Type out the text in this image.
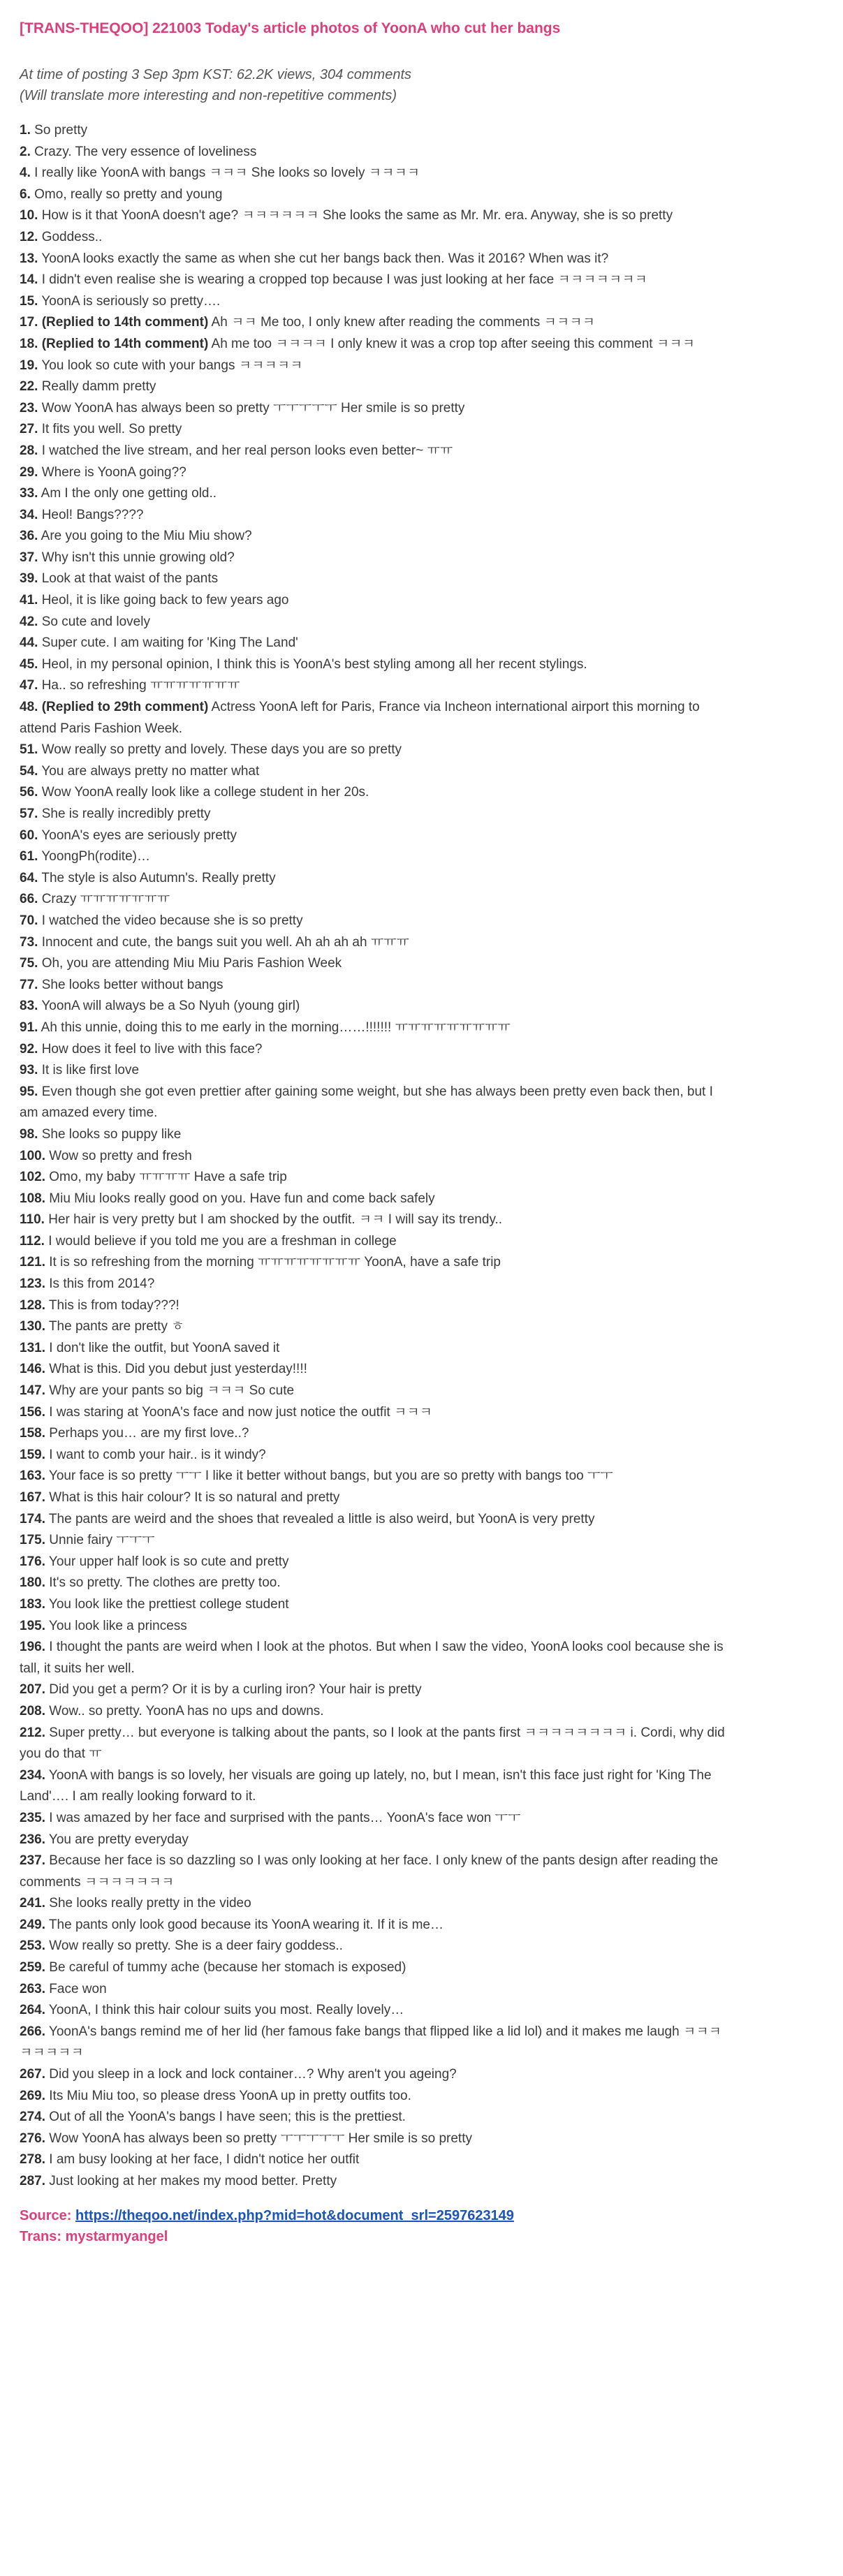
[TRANS-THEQOO] 221003 Today's article photos of YoonA who cut her bangs
At time of posting 3 Sep 3pm KST: 62.2K views, 304 comments
(Will translate more interesting and non-repetitive comments)
1. So pretty
2. Crazy. The very essence of loveliness
4. I really like YoonA with bangs ㅋㅋㅋ She looks so lovely ㅋㅋㅋㅋ
6. Omo, really so pretty and young
10. How is it that YoonA doesn't age? ㅋㅋㅋㅋㅋㅋ She looks the same as Mr. Mr. era. Anyway, she is so pretty
12. Goddess..
13. YoonA looks exactly the same as when she cut her bangs back then. Was it 2016? When was it?
14. I didn't even realise she is wearing a cropped top because I was just looking at her face ㅋㅋㅋㅋㅋㅋㅋ
15. YoonA is seriously so pretty….
17. (Replied to 14th comment) Ah ㅋㅋ Me too, I only knew after reading the comments ㅋㅋㅋㅋ
18. (Replied to 14th comment) Ah me too ㅋㅋㅋㅋ I only knew it was a crop top after seeing this comment ㅋㅋㅋ
19. You look so cute with your bangs ㅋㅋㅋㅋㅋ
22. Really damm pretty
23. Wow YoonA has always been so pretty ㅜㅜㅜㅜㅜ Her smile is so pretty
27. It fits you well. So pretty
28. I watched the live stream, and her real person looks even better~ ㅠㅠ
29. Where is YoonA going??
33. Am I the only one getting old..
34. Heol! Bangs????
36. Are you going to the Miu Miu show?
37. Why isn't this unnie growing old?
39. Look at that waist of the pants
41. Heol, it is like going back to few years ago
42. So cute and lovely
44. Super cute. I am waiting for 'King The Land'
45. Heol, in my personal opinion, I think this is YoonA's best styling among all her recent stylings.
47. Ha.. so refreshing ㅠㅠㅠㅠㅠㅠㅠ
48. (Replied to 29th comment) Actress YoonA left for Paris, France via Incheon international airport this morning to attend Paris Fashion Week.
51. Wow really so pretty and lovely. These days you are so pretty
54. You are always pretty no matter what
56. Wow YoonA really look like a college student in her 20s.
57. She is really incredibly pretty
60. YoonA's eyes are seriously pretty
61. YoongPh(rodite)…
64. The style is also Autumn's. Really pretty
66. Crazy ㅠㅠㅠㅠㅠㅠㅠ
70. I watched the video because she is so pretty
73. Innocent and cute, the bangs suit you well. Ah ah ah ah ㅠㅠㅠ
75. Oh, you are attending Miu Miu Paris Fashion Week
77. She looks better without bangs
83. YoonA will always be a So Nyuh (young girl)
91. Ah this unnie, doing this to me early in the morning……!!!!!!! ㅠㅠㅠㅠㅠㅠㅠㅠㅠ
92. How does it feel to live with this face?
93. It is like first love
95. Even though she got even prettier after gaining some weight, but she has always been pretty even back then, but I am amazed every time.
98. She looks so puppy like
100. Wow so pretty and fresh
102. Omo, my baby ㅠㅠㅠㅠ Have a safe trip
108. Miu Miu looks really good on you. Have fun and come back safely
110. Her hair is very pretty but I am shocked by the outfit. ㅋㅋ I will say its trendy..
112. I would believe if you told me you are a freshman in college
121. It is so refreshing from the morning ㅠㅠㅠㅠㅠㅠㅠㅠ YoonA, have a safe trip
123. Is this from 2014?
128. This is from today???!
130. The pants are pretty ㅎ
131. I don't like the outfit, but YoonA saved it
146. What is this. Did you debut just yesterday!!!!
147. Why are your pants so big ㅋㅋㅋ So cute
156. I was staring at YoonA's face and now just notice the outfit ㅋㅋㅋ
158. Perhaps you… are my first love..?
159. I want to comb your hair.. is it windy?
163. Your face is so pretty ㅜㅜ I like it better without bangs, but you are so pretty with bangs too ㅜㅜ
167. What is this hair colour? It is so natural and pretty
174. The pants are weird and the shoes that revealed a little is also weird, but YoonA is very pretty
175. Unnie fairy ㅜㅜㅜ
176. Your upper half look is so cute and pretty
180. It's so pretty. The clothes are pretty too.
183. You look like the prettiest college student
195. You look like a princess
196. I thought the pants are weird when I look at the photos. But when I saw the video, YoonA looks cool because she is tall, it suits her well.
207. Did you get a perm? Or it is by a curling iron? Your hair is pretty
208. Wow.. so pretty. YoonA has no ups and downs.
212. Super pretty… but everyone is talking about the pants, so I look at the pants first ㅋㅋㅋㅋㅋㅋㅋㅋ i. Cordi, why did you do that ㅠ
234. YoonA with bangs is so lovely, her visuals are going up lately, no, but I mean, isn't this face just right for 'King The Land'…. I am really looking forward to it.
235. I was amazed by her face and surprised with the pants… YoonA's face won ㅜㅜ
236. You are pretty everyday
237. Because her face is so dazzling so I was only looking at her face. I only knew of the pants design after reading the comments ㅋㅋㅋㅋㅋㅋㅋ
241. She looks really pretty in the video
249. The pants only look good because its YoonA wearing it. If it is me…
253. Wow really so pretty. She is a deer fairy goddess..
259. Be careful of tummy ache (because her stomach is exposed)
263. Face won
264. YoonA, I think this hair colour suits you most. Really lovely…
266. YoonA's bangs remind me of her lid (her famous fake bangs that flipped like a lid lol) and it makes me laugh ㅋㅋㅋㅋㅋㅋㅋㅋ
267. Did you sleep in a lock and lock container…? Why aren't you ageing?
269. Its Miu Miu too, so please dress YoonA up in pretty outfits too.
274. Out of all the YoonA's bangs I have seen; this is the prettiest.
276. Wow YoonA has always been so pretty ㅜㅜㅜㅜㅜ Her smile is so pretty
278. I am busy looking at her face, I didn't notice her outfit
287. Just looking at her makes my mood better. Pretty
Source: https://theqoo.net/index.php?mid=hot&document_srl=2597623149
Trans: mystarmyangel
